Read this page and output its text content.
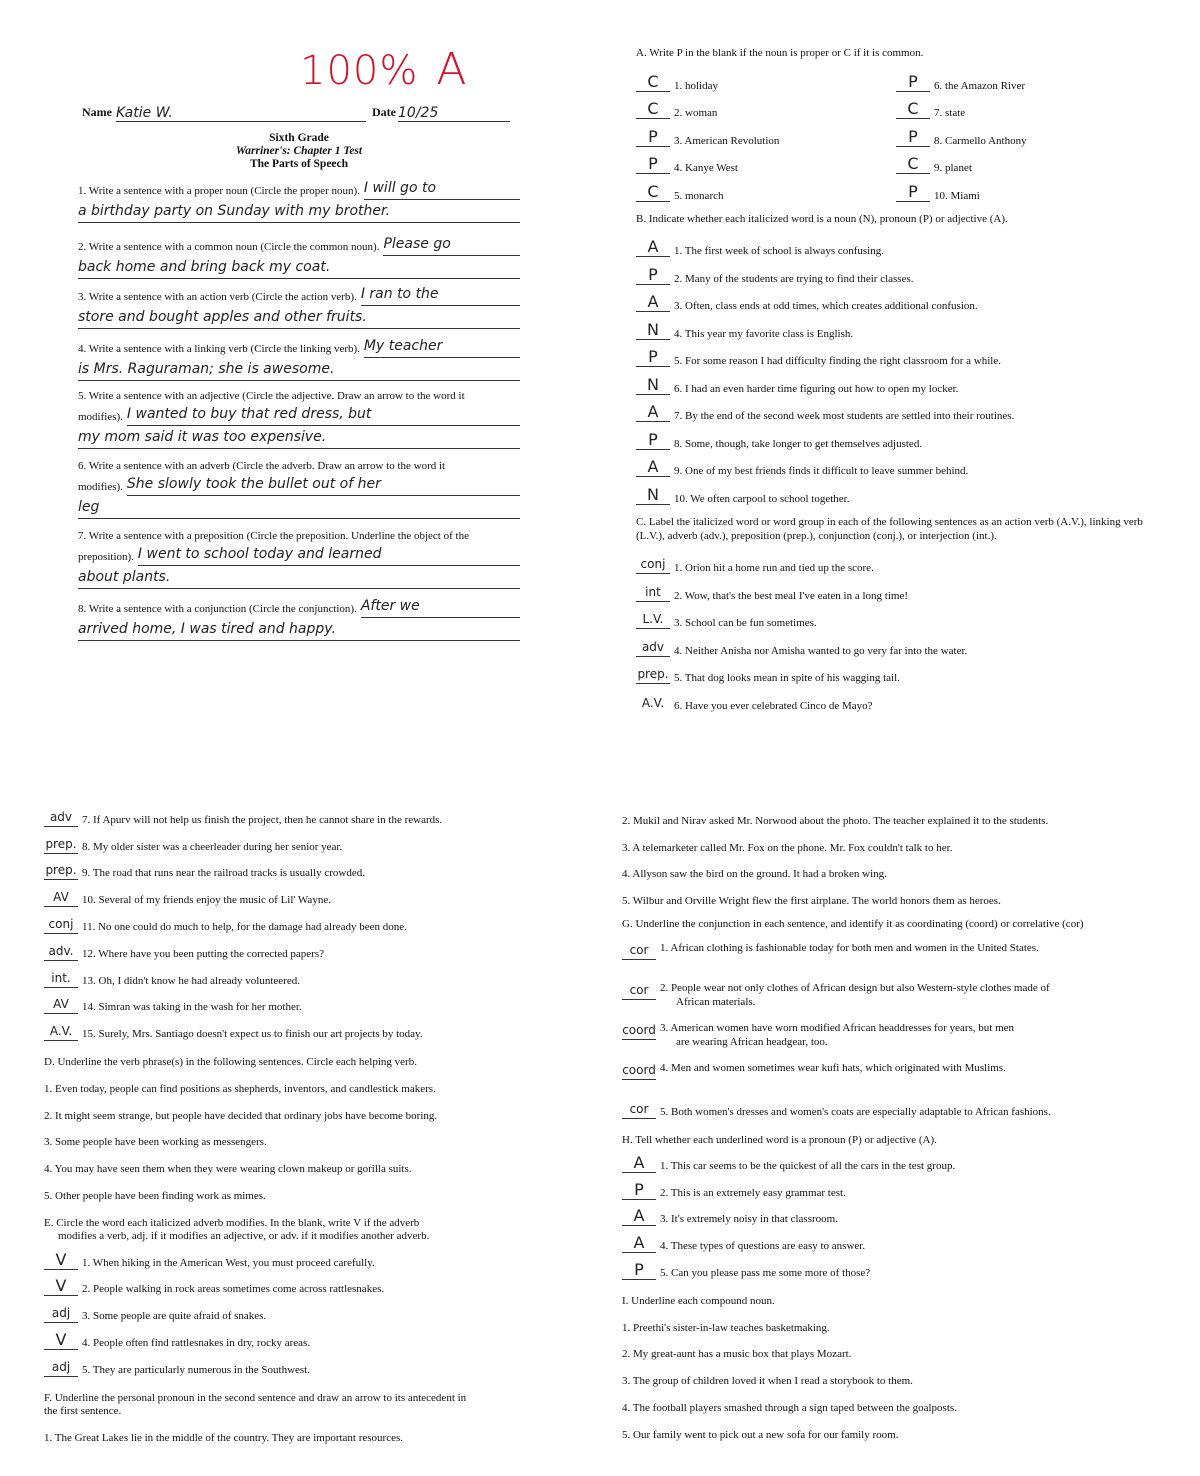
100% A
Name Katie W.	Date 10/25
Sixth Grade
Warriner's: Chapter 1 Test
The Parts of Speech
1. Write a sentence with a proper noun (Circle the proper noun). I will go to
a birthday party on Sunday with my brother.
2. Write a sentence with a common noun (Circle the common noun). Please go
back home and bring back my coat.
3. Write a sentence with an action verb (Circle the action verb). I ran to the
store and bought apples and other fruits.
4. Write a sentence with a linking verb (Circle the linking verb). My teacher
is Mrs. Raguraman; she is awesome.
5. Write a sentence with an adjective (Circle the adjective. Draw an arrow to the word it
modifies). I wanted to buy that red dress, but
my mom said it was too expensive.
6. Write a sentence with an adverb (Circle the adverb. Draw an arrow to the word it
modifies). She slowly took the bullet out of her
leg
7. Write a sentence with a preposition (Circle the preposition. Underline the object of the
preposition). I went to school today and learned
about plants.
8. Write a sentence with a conjunction (Circle the conjunction). After we
arrived home, I was tired and happy.
A. Write P in the blank if the noun is proper or C if it is common.
C	1. holiday
C	2. woman
P	3. American Revolution
P	4. Kanye West
C	5. monarch
P	6. the Amazon River
C	7. state
P	8. Carmello Anthony
C	9. planet
P	10. Miami
B. Indicate whether each italicized word is a noun (N), pronoun (P) or adjective (A).
A	1. The first week of school is always confusing.
P	2. Many of the students are trying to find their classes.
A	3. Often, class ends at odd times, which creates additional confusion.
N	4. This year my favorite class is English.
P	5. For some reason I had difficulty finding the right classroom for a while.
N	6. I had an even harder time figuring out how to open my locker.
A	7. By the end of the second week most students are settled into their routines.
P	8. Some, though, take longer to get themselves adjusted.
A	9. One of my best friends finds it difficult to leave summer behind.
N	10. We often carpool to school together.
C. Label the italicized word or word group in each of the following sentences as an action verb (A.V.), linking verb (L.V.), adverb (adv.), preposition (prep.), conjunction (conj.), or interjection (int.).
conj 1. Orion hit a home run and tied up the score.
int	2. Wow, that's the best meal I've eaten in a long time!
L.V. 3. School can be fun sometimes.
adv 4. Neither Anisha nor Amisha wanted to go very far into the water.
prep. 5. That dog looks mean in spite of his wagging tail.
A.V. 6. Have you ever celebrated Cinco de Mayo?
adv 7. If Apurv will not help us finish the project, then he cannot share in the rewards.
prep. 8. My older sister was a cheerleader during her senior year.
prep. 9. The road that runs near the railroad tracks is usually crowded.
AV	10. Several of my friends enjoy the music of Lil' Wayne.
conj 11. No one could do much to help, for the damage had already been done.
adv. 12. Where have you been putting the corrected papers?
int.	13. Oh, I didn't know he had already volunteered.
AV	14. Simran was taking in the wash for her mother.
A.V. 15. Surely, Mrs. Santiago doesn't expect us to finish our art projects by today.
D. Underline the verb phrase(s) in the following sentences. Circle each helping verb.
1. Even today, people can find positions as shepherds, inventors, and candlestick makers.
2. It might seem strange, but people have decided that ordinary jobs have become boring.
3. Some people have been working as messengers.
4. You may have seen them when they were wearing clown makeup or gorilla suits.
5. Other people have been finding work as mimes.
E. Circle the word each italicized adverb modifies. In the blank, write V if the adverb
modifies a verb, adj. if it modifies an adjective, or adv. if it modifies another adverb.
V	1. When hiking in the American West, you must proceed carefully.
V	2. People walking in rock areas sometimes come across rattlesnakes.
adj	3. Some people are quite afraid of snakes.
V	4. People often find rattlesnakes in dry, rocky areas.
adj	5. They are particularly numerous in the Southwest.
F. Underline the personal pronoun in the second sentence and draw an arrow to its antecedent in
the first sentence.
1. The Great Lakes lie in the middle of the country. They are important resources.
2. Mukil and Nirav asked Mr. Norwood about the photo. The teacher explained it to the students.
3. A telemarketer called Mr. Fox on the phone. Mr. Fox couldn't talk to her.
4. Allyson saw the bird on the ground. It had a broken wing.
5. Wilbur and Orville Wright flew the first airplane. The world honors them as heroes.
G. Underline the conjunction in each sentence, and identify it as coordinating (coord) or correlative (cor)
cor	1. African clothing is fashionable today for both men and women in the United States.
cor	2. People wear not only clothes of African design but also Western-style clothes made of
African materials.
coord 3. American women have worn modified African headdresses for years, but men
are wearing African headgear, too.
coord 4. Men and women sometimes wear kufi hats, which originated with Muslims.
cor	5. Both women's dresses and women's coats are especially adaptable to African fashions.
H. Tell whether each underlined word is a pronoun (P) or adjective (A).
A	1. This car seems to be the quickest of all the cars in the test group.
P	2. This is an extremely easy grammar test.
A	3. It's extremely noisy in that classroom.
A	4. These types of questions are easy to answer.
P	5. Can you please pass me some more of those?
I. Underline each compound noun.
1. Preethi's sister-in-law teaches basketmaking.
2. My great-aunt has a music box that plays Mozart.
3. The group of children loved it when I read a storybook to them.
4. The football players smashed through a sign taped between the goalposts.
5. Our family went to pick out a new sofa for our family room.
